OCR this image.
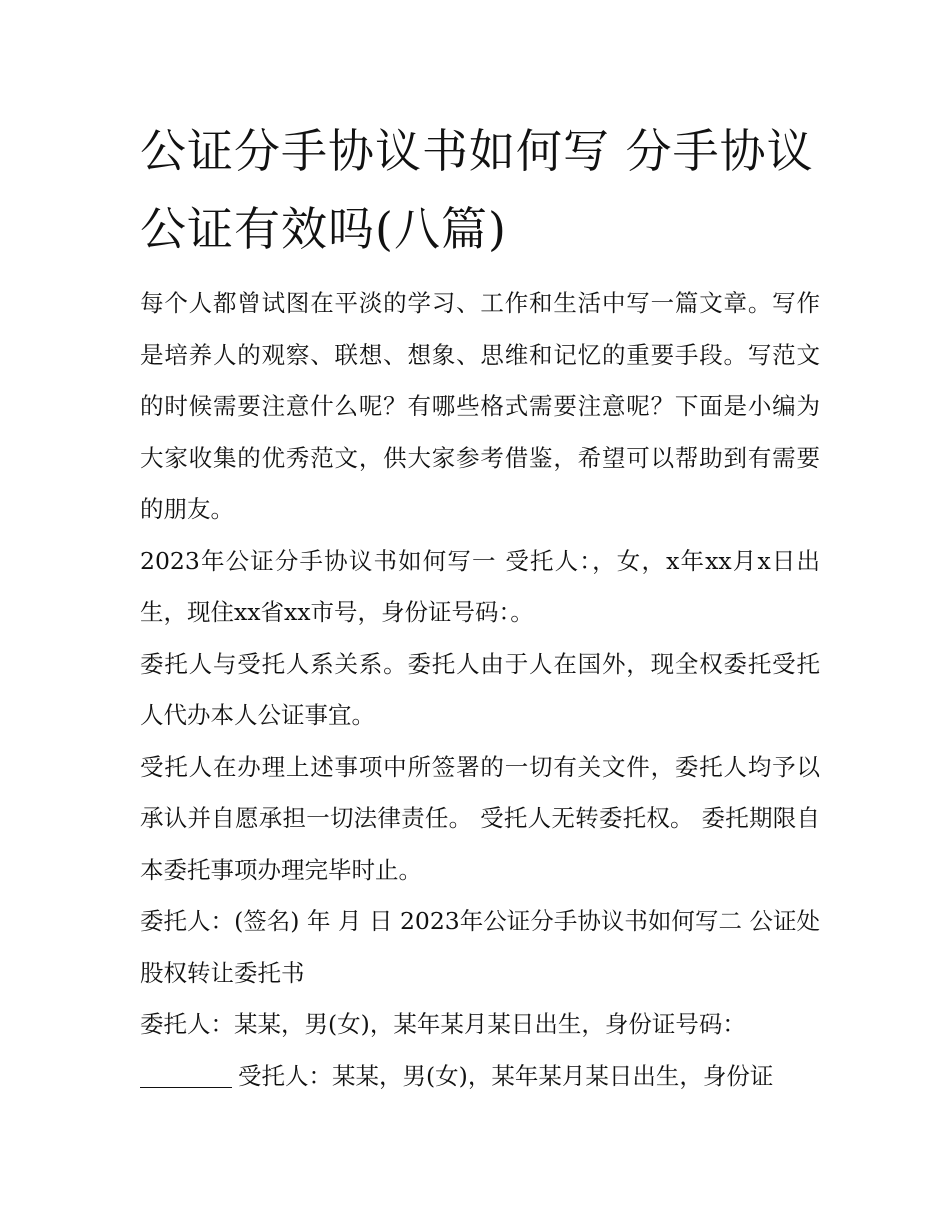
公证分手协议书如何写 分手协议公证有效吗(八篇)

每个人都曾试图在平淡的学习、工作和生活中写一篇文章。写作是培养人的观察、联想、想象、思维和记忆的重要手段。写范文的时候需要注意什么呢？有哪些格式需要注意呢？下面是小编为大家收集的优秀范文，供大家参考借鉴，希望可以帮助到有需要的朋友。

2023年公证分手协议书如何写一 受托人：，女，x年xx月x日出生，现住xx省xx市号，身份证号码：。

委托人与受托人系关系。委托人由于人在国外，现全权委托受托人代办本人公证事宜。

受托人在办理上述事项中所签署的一切有关文件，委托人均予以承认并自愿承担一切法律责任。 受托人无转委托权。 委托期限自本委托事项办理完毕时止。

委托人：(签名) 年 月 日 2023年公证分手协议书如何写二 公证处股权转让委托书

委托人：某某，男(女)，某年某月某日出生，身份证号码：
受托人：某某，男(女)，某年某月某日出生，身份证
